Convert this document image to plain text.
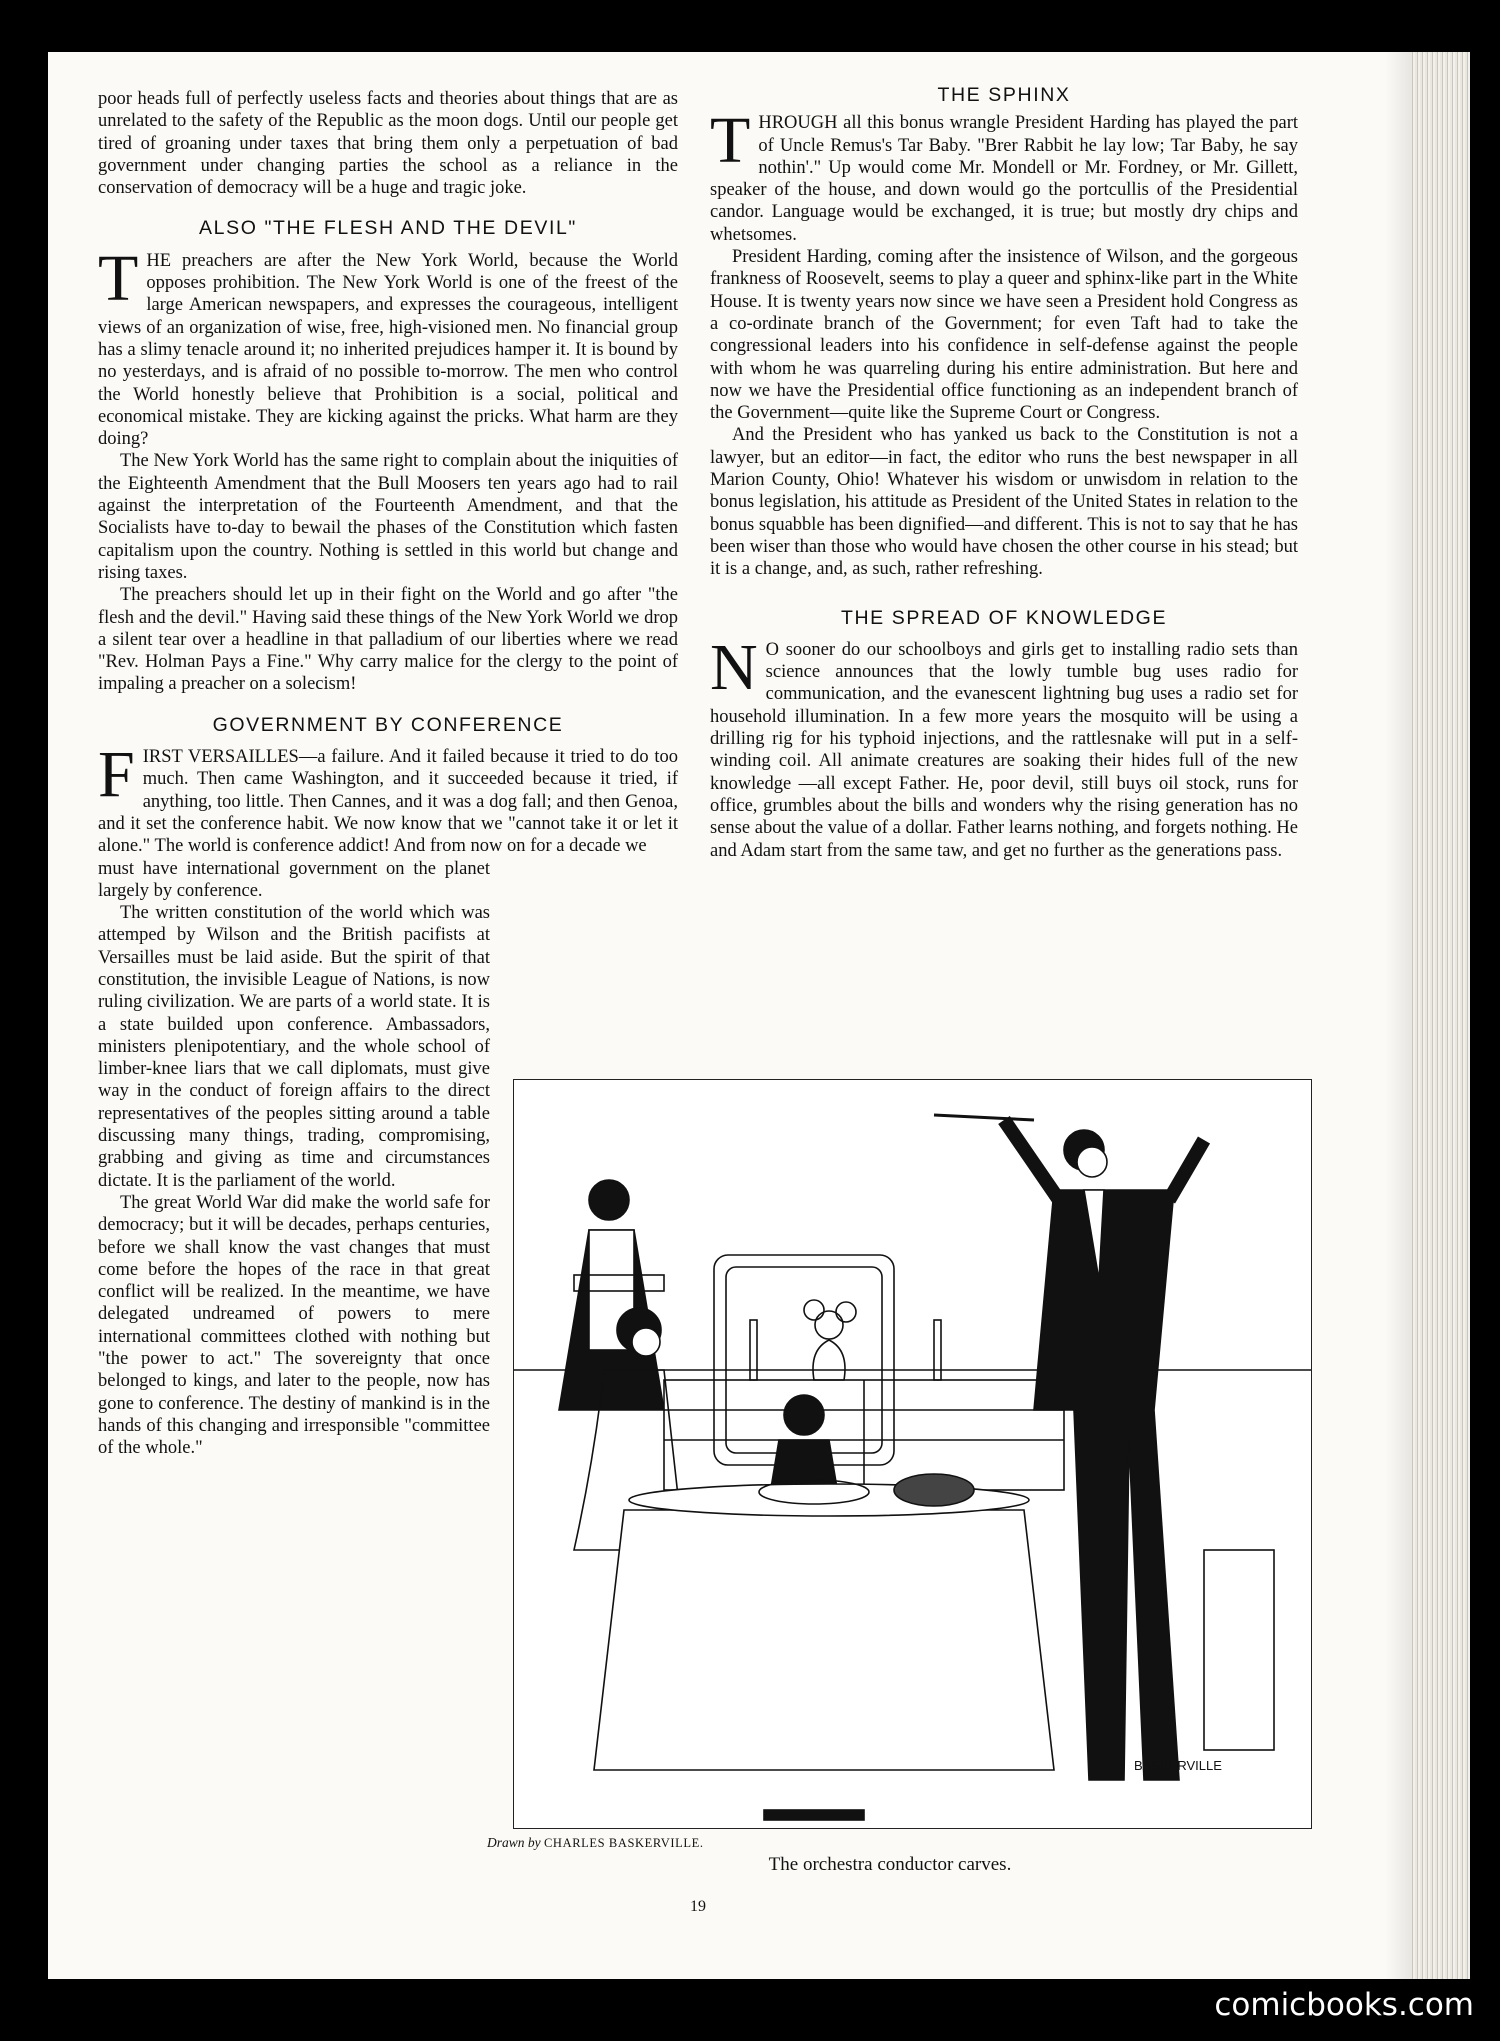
poor heads full of perfectly useless facts and theories about things that are as unrelated to the safety of the Republic as the moon dogs. Until our people get tired of groaning under taxes that bring them only a perpetuation of bad government under changing parties the school as a reliance in the conservation of democracy will be a huge and tragic joke.

ALSO "THE FLESH AND THE DEVIL"

THE preachers are after the New York World, because the World opposes prohibition. The New York World is one of the freest of the large American newspapers, and expresses the courageous, intelligent views of an organization of wise, free, high-visioned men. No financial group has a slimy tenacle around it; no inherited prejudices hamper it. It is bound by no yesterdays, and is afraid of no possible to-morrow. The men who control the World honestly believe that Prohibition is a social, political and economical mistake. They are kicking against the pricks. What harm are they doing?

The New York World has the same right to complain about the iniquities of the Eighteenth Amendment that the Bull Moosers ten years ago had to rail against the interpretation of the Fourteenth Amendment, and that the Socialists have to-day to bewail the phases of the Constitution which fasten capitalism upon the country. Nothing is settled in this world but change and rising taxes.

The preachers should let up in their fight on the World and go after "the flesh and the devil." Having said these things of the New York World we drop a silent tear over a headline in that palladium of our liberties where we read "Rev. Holman Pays a Fine." Why carry malice for the clergy to the point of impaling a preacher on a solecism!

GOVERNMENT BY CONFERENCE

FIRST VERSAILLES—a failure. And it failed because it tried to do too much. Then came Washington, and it succeeded because it tried, if anything, too little. Then Cannes, and it was a dog fall; and then Genoa, and it set the conference habit. We now know that we "cannot take it or let it alone." The world is conference addict! And from now on for a decade we

must have international government on the planet largely by conference.

The written constitution of the world which was attemped by Wilson and the British pacifists at Versailles must be laid aside. But the spirit of that constitution, the invisible League of Nations, is now ruling civilization. We are parts of a world state. It is a state builded upon conference. Ambassadors, ministers plenipotentiary, and the whole school of limber-knee liars that we call diplomats, must give way in the conduct of foreign affairs to the direct representatives of the peoples sitting around a table discussing many things, trading, compromising, grabbing and giving as time and circumstances dictate. It is the parliament of the world.

The great World War did make the world safe for democracy; but it will be decades, perhaps centuries, before we shall know the vast changes that must come before the hopes of the race in that great conflict will be realized. In the meantime, we have delegated undreamed of powers to mere international committees clothed with nothing but "the power to act." The sovereignty that once belonged to kings, and later to the people, now has gone to conference. The destiny of mankind is in the hands of this changing and irresponsible "committee of the whole."

THE SPHINX

THROUGH all this bonus wrangle President Harding has played the part of Uncle Remus's Tar Baby. "Brer Rabbit he lay low; Tar Baby, he say nothin'." Up would come Mr. Mondell or Mr. Fordney, or Mr. Gillett, speaker of the house, and down would go the portcullis of the Presidential candor. Language would be exchanged, it is true; but mostly dry chips and whetsomes.

President Harding, coming after the insistence of Wilson, and the gorgeous frankness of Roosevelt, seems to play a queer and sphinx-like part in the White House. It is twenty years now since we have seen a President hold Congress as a co-ordinate branch of the Government; for even Taft had to take the congressional leaders into his confidence in self-defense against the people with whom he was quarreling during his entire administration. But here and now we have the Presidential office functioning as an independent branch of the Government—quite like the Supreme Court or Congress.

And the President who has yanked us back to the Constitution is not a lawyer, but an editor—in fact, the editor who runs the best newspaper in all Marion County, Ohio! Whatever his wisdom or unwisdom in relation to the bonus legislation, his attitude as President of the United States in relation to the bonus squabble has been dignified—and different. This is not to say that he has been wiser than those who would have chosen the other course in his stead; but it is a change, and, as such, rather refreshing.

THE SPREAD OF KNOWLEDGE

N O sooner do our schoolboys and girls get to installing radio sets than science announces that the lowly tumble bug uses radio for communication, and the evanescent lightning bug uses a radio set for household illumination. In a few more years the mosquito will be using a drilling rig for his typhoid injections, and the rattlesnake will put in a self-winding coil. All animate creatures are soaking their hides full of the new knowledge —all except Father. He, poor devil, still buys oil stock, runs for office, grumbles about the bills and wonders why the rising generation has no sense about the value of a dollar. Father learns nothing, and forgets nothing. He and Adam start from the same taw, and get no further as the generations pass.

BASKERVILLE
Drawn by CHARLES BASKERVILLE.
The orchestra conductor carves.
19
comicbooks.com
